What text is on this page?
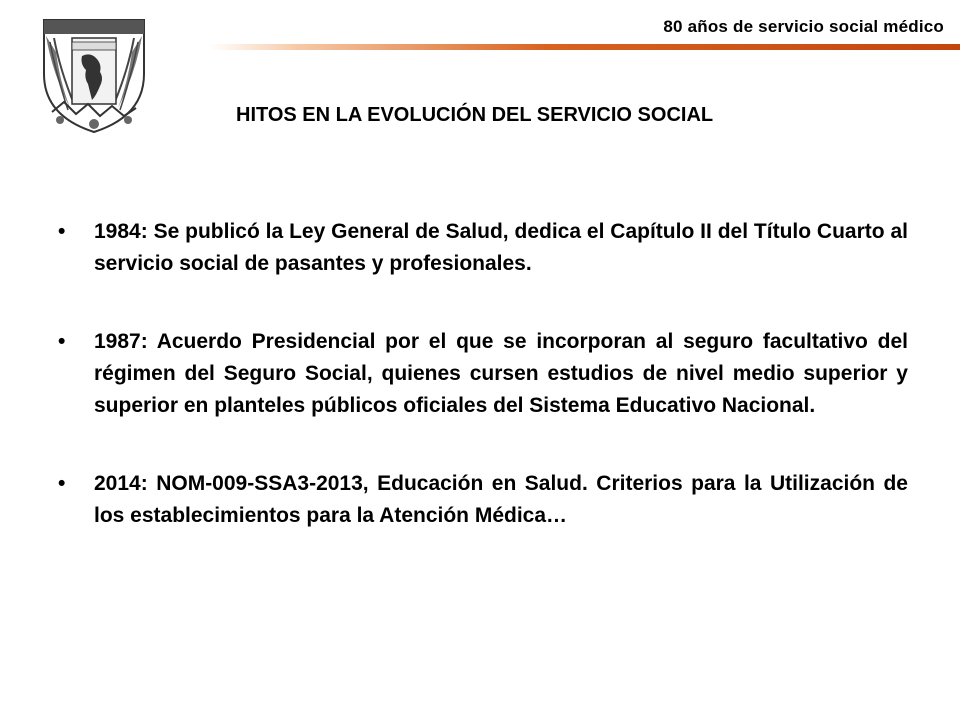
80 años de servicio social médico
HITOS EN LA EVOLUCIÓN DEL SERVICIO SOCIAL
•	1984: Se publicó la Ley General de Salud, dedica el Capítulo II del Título Cuarto al servicio social de pasantes y profesionales.
•	1987: Acuerdo Presidencial por el que se incorporan al seguro facultativo del régimen del Seguro Social, quienes cursen estudios de nivel medio superior y superior en planteles públicos oficiales del Sistema Educativo Nacional.
•	2014: NOM-009-SSA3-2013, Educación en Salud. Criterios para la Utilización de los establecimientos para la Atención Médica…
